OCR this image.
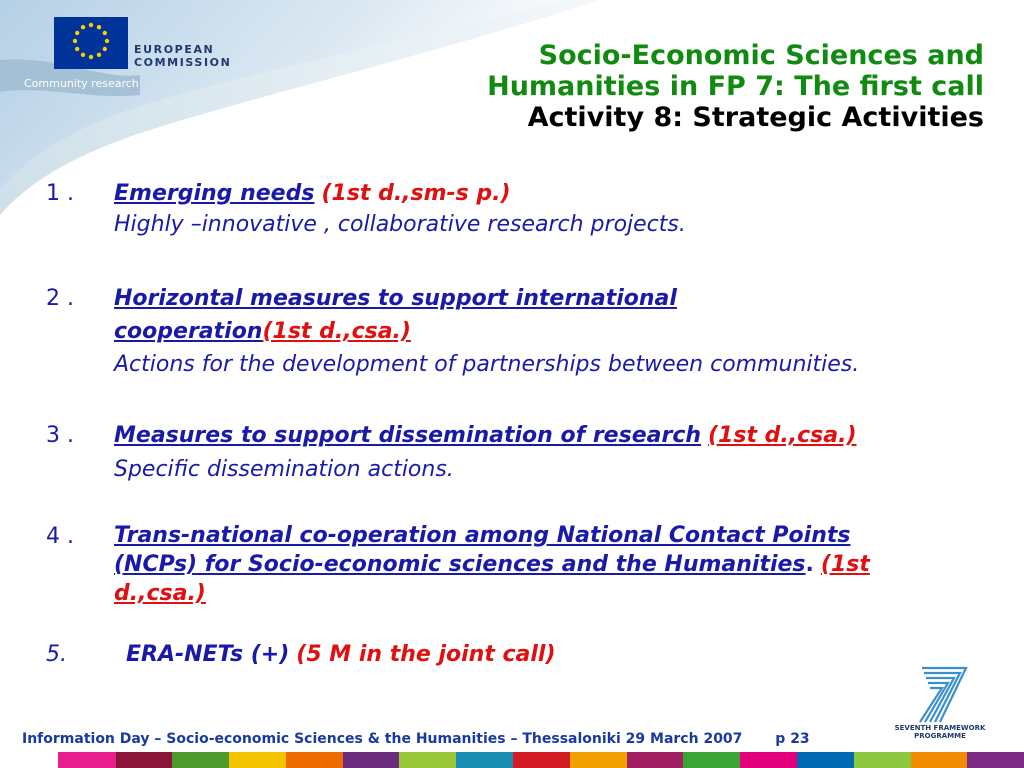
EUROPEAN
COMMISSION
Community research
Socio-Economic Sciences and
Humanities in FP 7: The first call
Activity 8: Strategic Activities
1 . Emerging needs (1st d.,sm-s p.)
Highly –innovative , collaborative research projects.
2 . Horizontal measures to support international
cooperation(1st d.,csa.)
Actions for the development of partnerships between communities.
3 . Measures to support dissemination of research (1st d.,csa.)
Specific dissemination actions.
4 . Trans-national co-operation among National Contact Points
(NCPs) for Socio-economic sciences and the Humanities. (1st
d.,csa.)
5.	ERA-NETs (+) (5 M in the joint call)
SEVENTH FRAMEWORK
PROGRAMME
Information Day – Socio-economic Sciences & the Humanities – Thessaloniki 29 March 2007 p 23
